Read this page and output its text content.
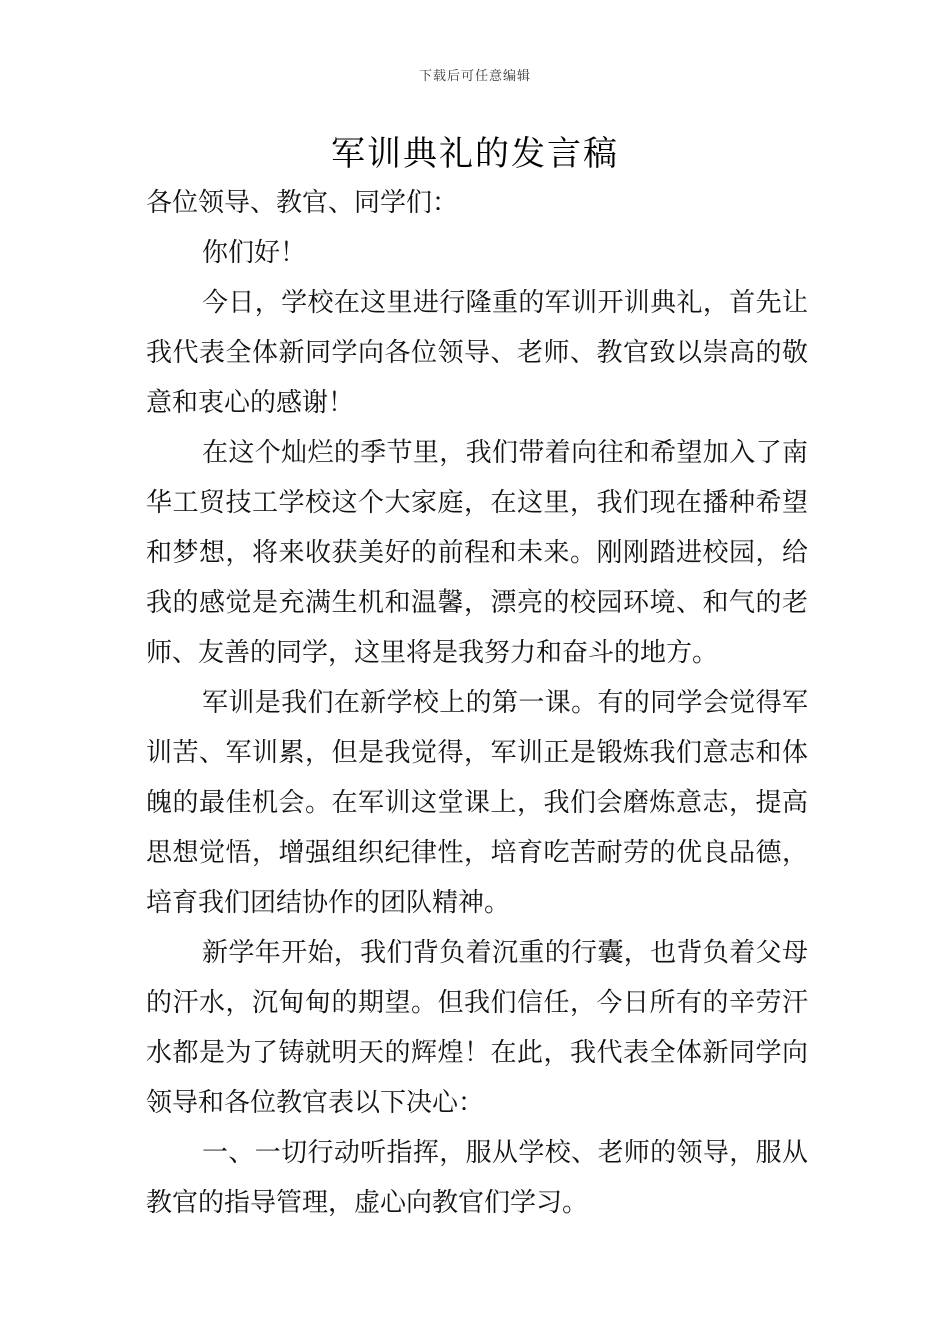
下载后可任意编辑
军训典礼的发言稿

各位领导、教官、同学们：

你们好！

今日，学校在这里进行隆重的军训开训典礼，首先让我代表全体新同学向各位领导、老师、教官致以崇高的敬意和衷心的感谢！

在这个灿烂的季节里，我们带着向往和希望加入了南华工贸技工学校这个大家庭，在这里，我们现在播种希望和梦想，将来收获美好的前程和未来。刚刚踏进校园，给我的感觉是充满生机和温馨，漂亮的校园环境、和气的老师、友善的同学，这里将是我努力和奋斗的地方。

军训是我们在新学校上的第一课。有的同学会觉得军训苦、军训累，但是我觉得，军训正是锻炼我们意志和体魄的最佳机会。在军训这堂课上，我们会磨炼意志，提高思想觉悟，增强组织纪律性，培育吃苦耐劳的优良品德，培育我们团结协作的团队精神。

新学年开始，我们背负着沉重的行囊，也背负着父母的汗水，沉甸甸的期望。但我们信任，今日所有的辛劳汗水都是为了铸就明天的辉煌！在此，我代表全体新同学向领导和各位教官表以下决心：

一、一切行动听指挥，服从学校、老师的领导，服从教官的指导管理，虚心向教官们学习。
